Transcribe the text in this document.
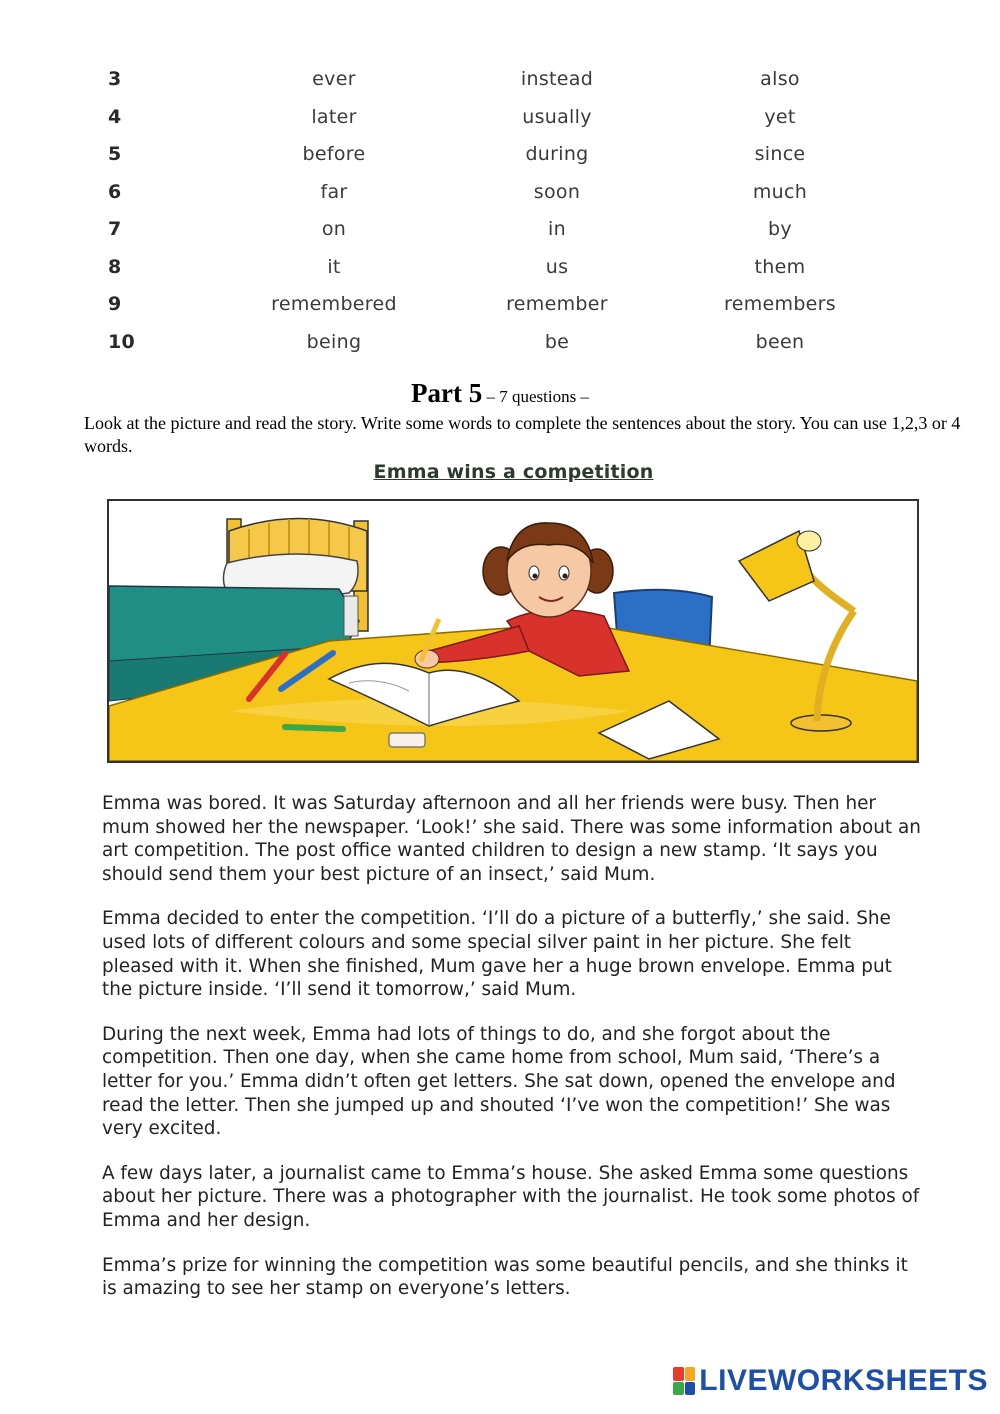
3	ever	instead	also
4	later	usually	yet
5	before	during	since
6	far	soon	much
7	on	in	by
8	it	us	them
9	remembered	remember	remembers
10	being	be	been
Part 5 – 7 questions –
Look at the picture and read the story. Write some words to complete the sentences about the story. You can use 1,2,3 or 4 words.
Emma wins a competition

Emma was bored. It was Saturday afternoon and all her friends were busy. Then her mum showed her the newspaper. ‘Look!’ she said. There was some information about an art competition. The post office wanted children to design a new stamp. ‘It says you should send them your best picture of an insect,’ said Mum.

Emma decided to enter the competition. ‘I’ll do a picture of a butterfly,’ she said. She used lots of different colours and some special silver paint in her picture. She felt pleased with it. When she finished, Mum gave her a huge brown envelope. Emma put the picture inside. ‘I’ll send it tomorrow,’ said Mum.

During the next week, Emma had lots of things to do, and she forgot about the competition. Then one day, when she came home from school, Mum said, ‘There’s a letter for you.’ Emma didn’t often get letters. She sat down, opened the envelope and read the letter. Then she jumped up and shouted ‘I’ve won the competition!’ She was very excited.

A few days later, a journalist came to Emma’s house. She asked Emma some questions about her picture. There was a photographer with the journalist. He took some photos of Emma and her design.

Emma’s prize for winning the competition was some beautiful pencils, and she thinks it is amazing to see her stamp on everyone’s letters.

LIVEWORKSHEETS
